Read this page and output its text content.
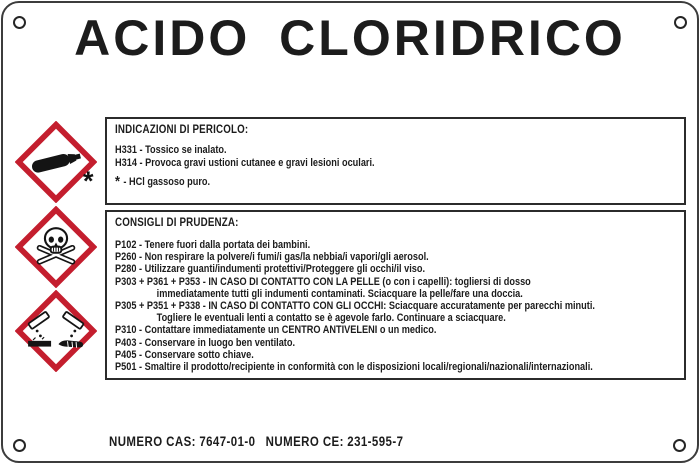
ACIDO CLORIDRICO
*
INDICAZIONI DI PERICOLO:
H331 - Tossico se inalato.
H314 - Provoca gravi ustioni cutanee e gravi lesioni oculari.
* - HCl gassoso puro.
CONSIGLI DI PRUDENZA:
P102 - Tenere fuori dalla portata dei bambini.
P260 - Non respirare la polvere/i fumi/i gas/la nebbia/i vapori/gli aerosol.
P280 - Utilizzare guanti/indumenti protettivi/Proteggere gli occhi/il viso.
P303 + P361 + P353 - IN CASO DI CONTATTO CON LA PELLE (o con i capelli): togliersi di dosso
immediatamente tutti gli indumenti contaminati. Sciacquare la pelle/fare una doccia.
P305 + P351 + P338 - IN CASO DI CONTATTO CON GLI OCCHI: Sciacquare accuratamente per parecchi minuti.
Togliere le eventuali lenti a contatto se è agevole farlo. Continuare a sciacquare.
P310 - Contattare immediatamente un CENTRO ANTIVELENI o un medico.
P403 - Conservare in luogo ben ventilato.
P405 - Conservare sotto chiave.
P501 - Smaltire il prodotto/recipiente in conformità con le disposizioni locali/regionali/nazionali/internazionali.
NUMERO CAS: 7647-01-0 NUMERO CE: 231-595-7
